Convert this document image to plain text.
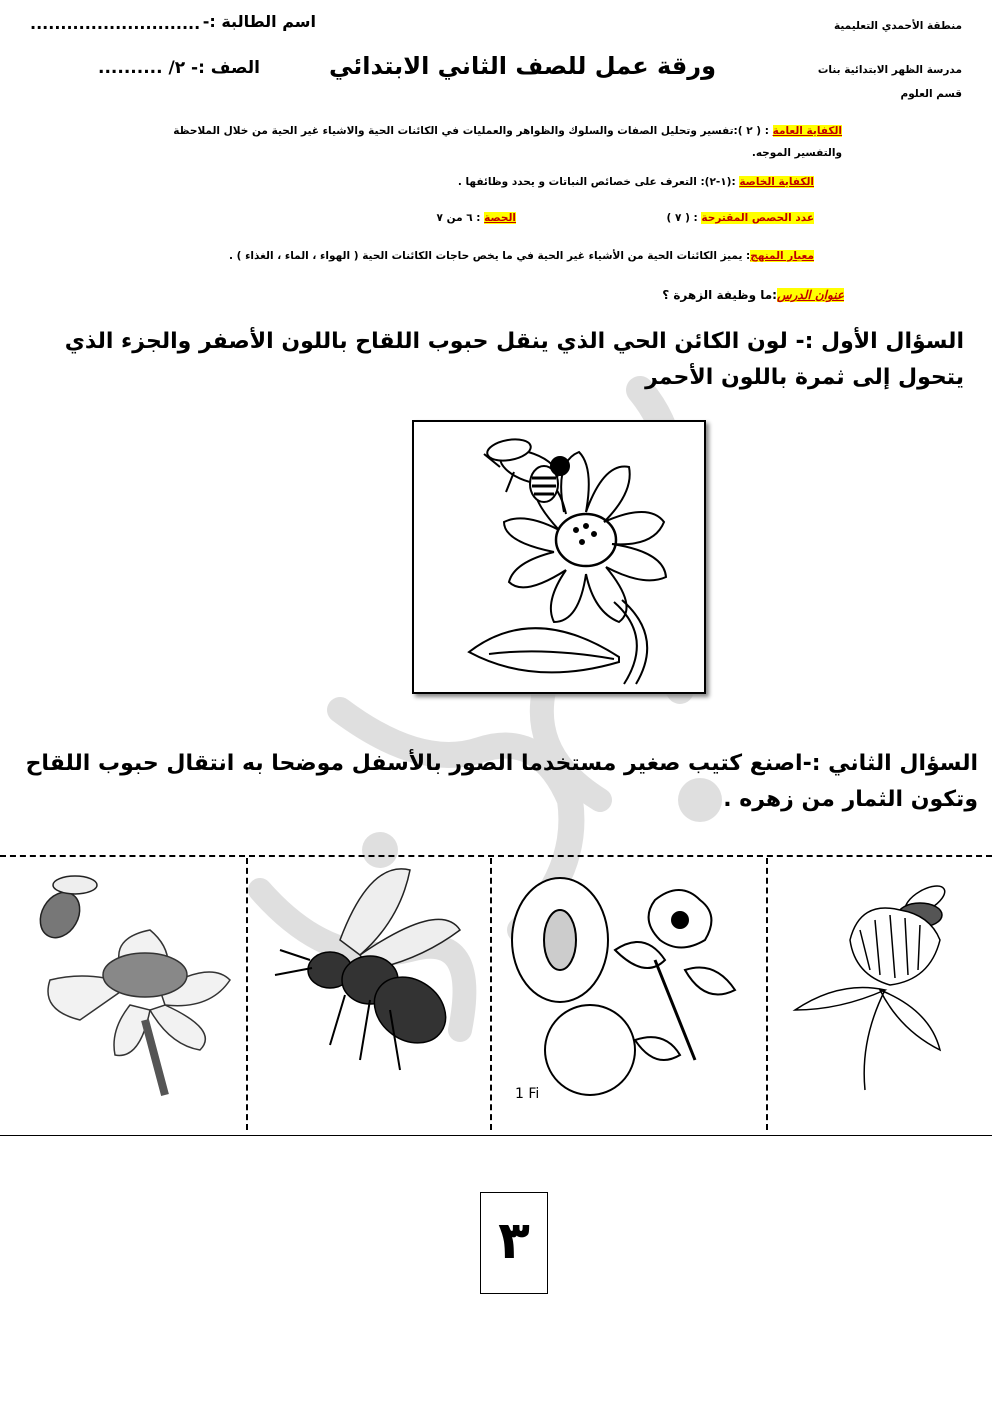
منطقة الأحمدي التعليمية
مدرسة الظهر الابتدائية بنات
قسم العلوم
اسم الطالبة :-
............................
ورقة عمل للصف الثاني الابتدائي
الصف :- ٢/ ..........
الكفاية العامة : ( ٢ ):تفسير وتحليل الصفات والسلوك والظواهر والعمليات في الكائنات الحية والاشياء غير الحية من خلال الملاحظة والتفسير الموجه.
الكفاية الخاصة :(١-٢): التعرف على خصائص النباتات و يحدد وظائفها .
عدد الحصص المقترحة : ( ٧ )
الحصة : ٦ من ٧
معيار المنهج: يميز الكائنات الحية من الأشياء غير الحية في ما يخص حاجات الكائنات الحية ( الهواء ، الماء ، الغذاء ) .
عنوان الدرس:ما وظيفة الزهرة ؟
السؤال الأول :- لون الكائن الحي الذي ينقل حبوب اللقاح باللون الأصفر والجزء الذي يتحول إلى ثمرة باللون الأحمر
السؤال الثاني :-اصنع كتيب صغير مستخدما الصور بالأسفل موضحا به انتقال حبوب اللقاح وتكون الثمار من زهره .
1 Fi
٣
